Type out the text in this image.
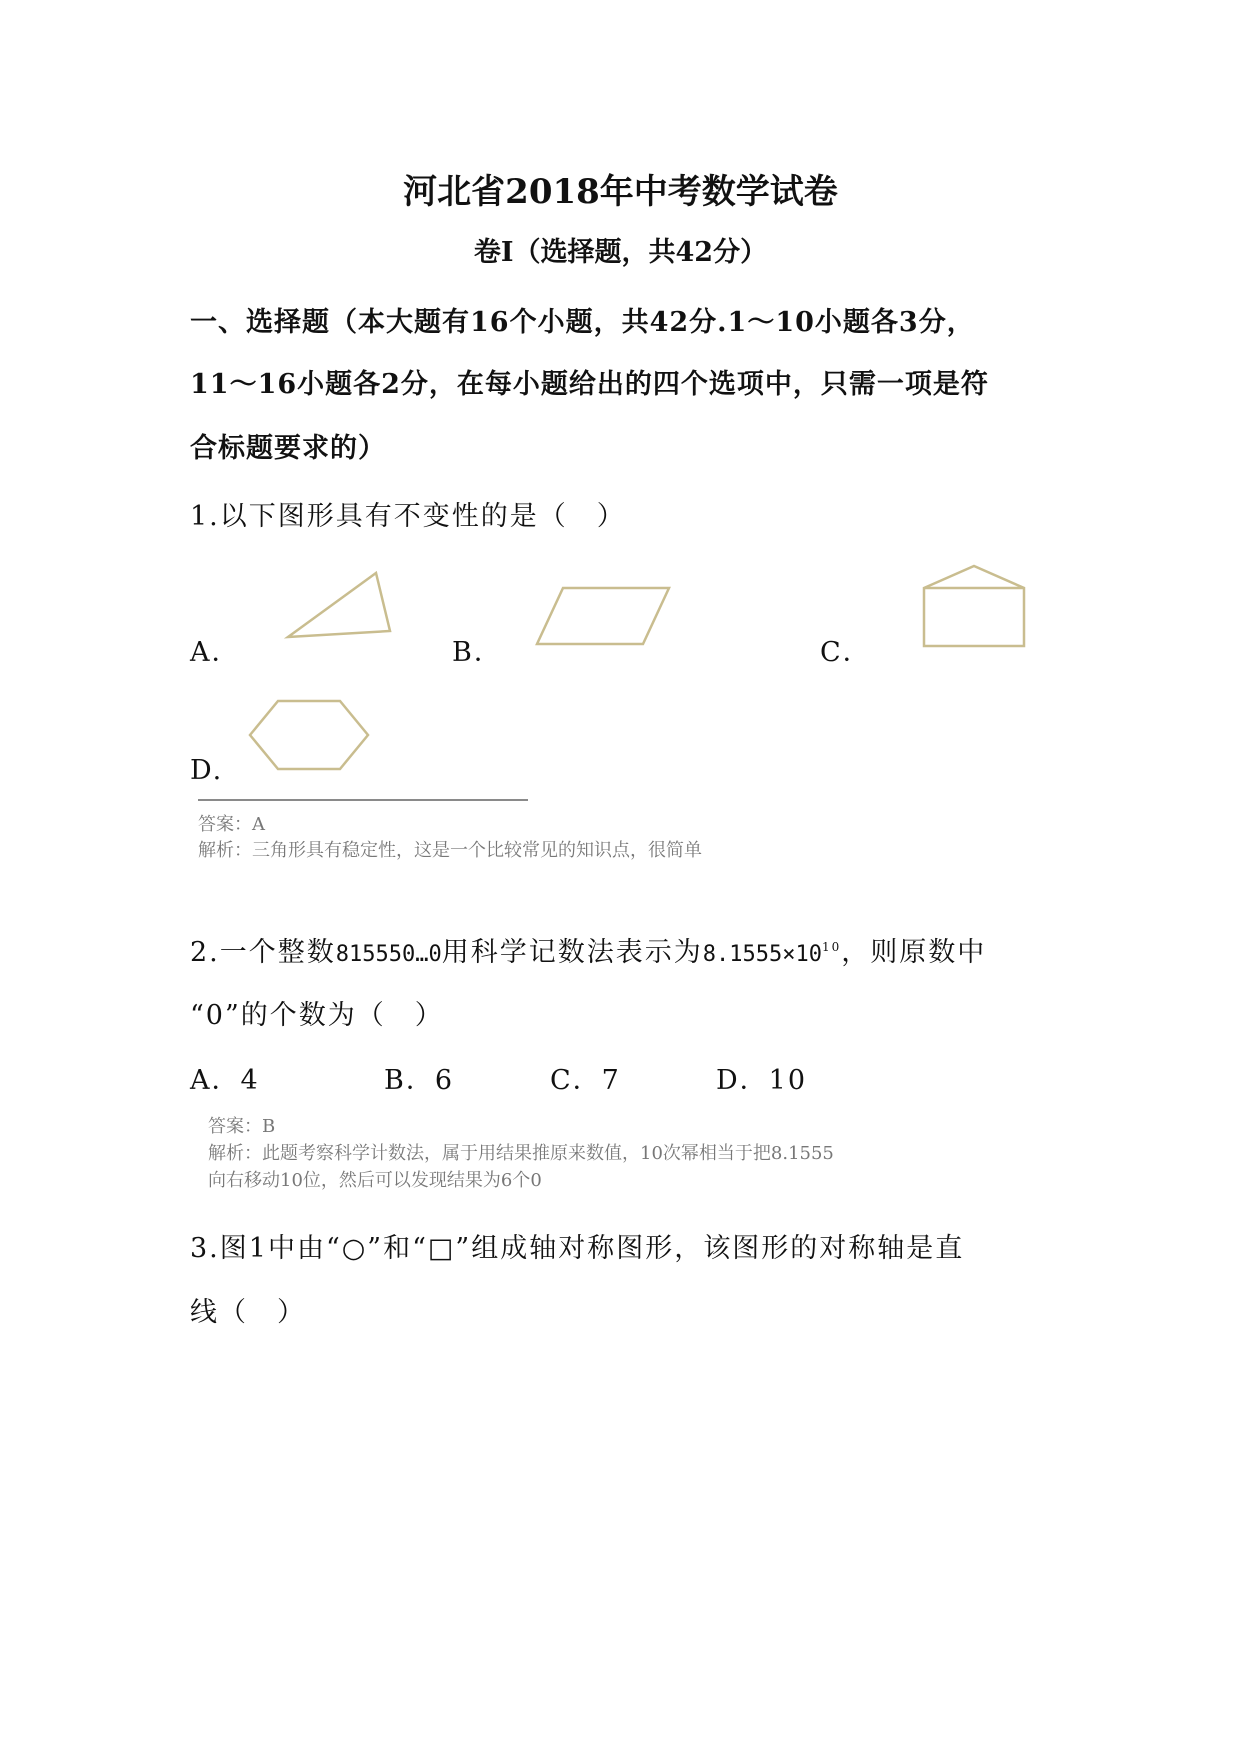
河北省2018年中考数学试卷
卷Ⅰ（选择题，共42分）
一、选择题（本大题有16个小题，共42分.1～10小题各3分，
11～16小题各2分，在每小题给出的四个选项中，只需一项是符
合标题要求的）
1.以下图形具有不变性的是（　）
A．	B．	C．
D.
答案：A
解析：三角形具有稳定性，这是一个比较常见的知识点，很简单
2.一个整数815550…0用科学记数法表示为$8.1555\times 10^{10}$，则原数中
“0”的个数为（　）
A．4	B．6	C．7	D．10
答案：B
解析：此题考察科学计数法，属于用结果推原来数值，10次幂相当于把8.1555
向右移动10位，然后可以发现结果为6个0
3.图1中由“○”和“□”组成轴对称图形，该图形的对称轴是直
线（　）
